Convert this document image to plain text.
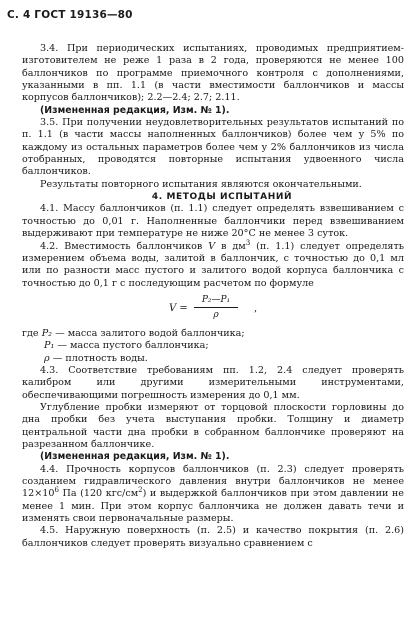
С. 4 ГОСТ 19136—80

3.4. При периодических испытаниях, проводимых предприятием-изготовителем не реже 1 раза в 2 года, проверяются не менее 100 баллончиков по программе приемочного контроля с дополнениями, указанными в пп. 1.1 (в части вместимости баллончиков и массы корпусов баллончиков); 2.2—2.4; 2.7; 2.11.

(Измененная редакция, Изм. № 1).

3.5. При получении неудовлетворительных результатов испытаний по п. 1.1 (в части массы наполненных баллончиков) более чем у 5% по каждому из остальных параметров более чем у 2% баллончиков из числа отобранных, проводятся повторные испытания удвоенного числа баллончиков.

Результаты повторного испытания являются окончательными.

4. МЕТОДЫ ИСПЫТАНИЙ

4.1. Массу баллончиков (п. 1.1) следует определять взвешиванием с точностью до 0,01 г. Наполненные баллончики перед взвешиванием выдерживают при температуре не ниже 20°С не менее 3 суток.

4.2. Вместимость баллончиков V в $дм^3$ (п. 1.1) следует определять измерением объема воды, залитой в баллончик, с точностью до 0,1 мл или по разности масс пустого и залитого водой корпуса баллончика с точностью до 0,1 г с последующим расчетом по формуле

$V = \frac{\text{P₂—P₁}}{\rho}$ ,
где P₂ — масса залитого водой баллончика;
P₁ — масса пустого баллончика;
ρ — плотность воды.

4.3. Соответствие требованиям пп. 1.2, 2.4 следует проверять калибром или другими измерительными инструментами, обеспечивающими погрешность измерения до 0,1 мм.

Углубление пробки измеряют от торцовой плоскости горловины до дна пробки без учета выступания пробки. Толщину и диаметр центральной части дна пробки в собранном баллончике проверяют на разрезанном баллончике.

(Измененная редакция, Изм. № 1).

4.4. Прочность корпусов баллончиков (п. 2.3) следует проверять созданием гидравлического давления внутри баллончиков не менее $12\times 10^6$ Па (120 кгс/$см^2$) и выдержкой баллончиков при этом давлении не менее 1 мин. При этом корпус баллончика не должен давать течи и изменять свои первоначальные размеры.

4.5. Наружную поверхность (п. 2.5) и качество покрытия (п. 2.6) баллончиков следует проверять визуально сравнением с
